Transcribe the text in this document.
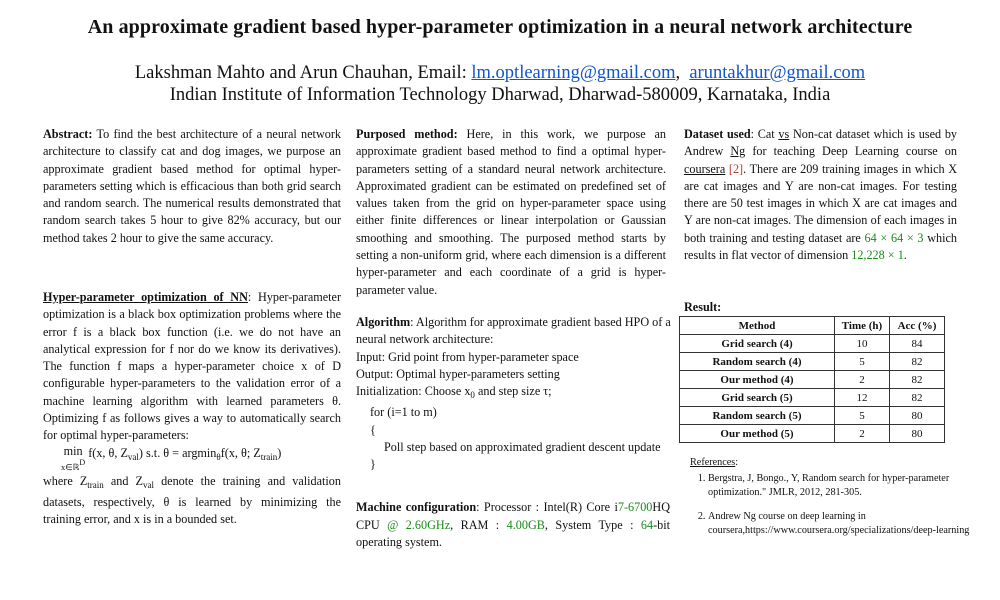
An approximate gradient based hyper-parameter optimization in a neural network architecture
Lakshman Mahto and Arun Chauhan, Email: lm.optlearning@gmail.com, aruntakhur@gmail.com
Indian Institute of Information Technology Dharwad, Dharwad-580009, Karnataka, India
Abstract: To find the best architecture of a neural network architecture to classify cat and dog images, we purpose an approximate gradient based method for optimal hyper-parameters setting which is efficacious than both grid search and random search. The numerical results demonstrated that random search takes 5 hour to give 82% accuracy, but our method takes 2 hour to give the same accuracy.
Hyper-parameter optimization of NN: Hyper-parameter optimization is a black box optimization problems where the error f is a black box function (i.e. we do not have an analytical expression for f nor do we know its derivatives). The function f maps a hyper-parameter choice x of D configurable hyper-parameters to the validation error of a machine learning algorithm with learned parameters θ. Optimizing f as follows gives a way to automatically search for optimal hyper-parameters:
min
x∈ℝD f(x, θ, $Z_{val}$) s.t. θ = argmin$_\theta$f(x, θ; $Z_{train}$)
where $Z_{train}$ and $Z_{val}$ denote the training and validation datasets, respectively, θ is learned by minimizing the training error, and x is in a bounded set.
Purposed method: Here, in this work, we purpose an approximate gradient based method to find a optimal hyper-parameters setting of a standard neural network architecture. Approximated gradient can be estimated on predefined set of values taken from the grid on hyper-parameter space using either finite differences or linear interpolation or Gaussian smoothing and smoothing. The purposed method starts by setting a non-uniform grid, where each dimension is a different hyper-parameter and each coordinate of a grid is hyper-parameter value.
Algorithm: Algorithm for approximate gradient based HPO of a neural network architecture:
Input: Grid point from hyper-parameter space
Output: Optimal hyper-parameters setting
Initialization: Choose $x_0$ and step size τ;
for (i=1 to m)
{
Poll step based on approximated gradient descent update
}
Machine configuration: Processor : Intel(R) Core i7-6700HQ CPU @ 2.60GHz, RAM : 4.00GB, System Type : 64-bit operating system.
Dataset used: Cat vs Non-cat dataset which is used by Andrew Ng for teaching Deep Learning course on coursera [2]. There are 209 training images in which X are cat images and Y are non-cat images. For testing there are 50 test images in which X are cat images and Y are non-cat images. The dimension of each images in both training and testing dataset are 64 × 64 × 3 which results in flat vector of dimension 12,228 × 1.
Result:
Method	Time (h)	Acc (%)
Grid search (4)	10	84
Random search (4)	5	82
Our method (4)	2	82
Grid search (5)	12	82
Random search (5)	5	80
Our method (5)	2	80
References:
1. Bergstra, J, Bongo., Y, Random search for hyper-parameter optimization." JMLR, 2012, 281-305.
2. Andrew Ng course on deep learning in coursera,https://www.coursera.org/specializations/deep-learning
